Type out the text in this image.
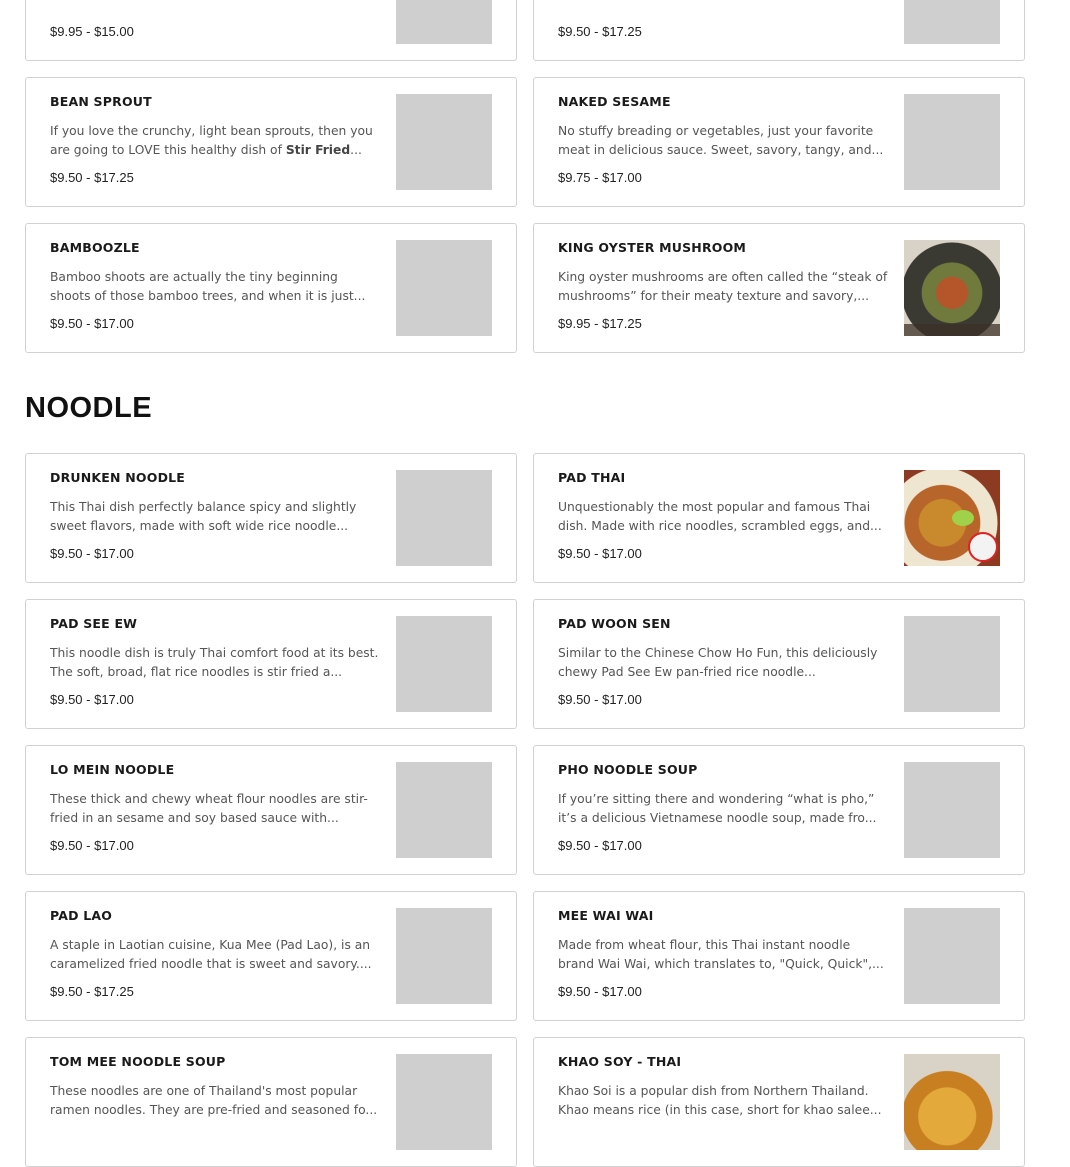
$9.95 - $15.00	$9.50 - $17.25
BEAN SPROUT
If you love the crunchy, light bean sprouts, then you are going to LOVE this healthy dish of Stir Fried...
$9.50 - $17.25
NAKED SESAME
No stuffy breading or vegetables, just your favorite meat in delicious sauce. Sweet, savory, tangy, and...
$9.75 - $17.00
BAMBOOZLE
Bamboo shoots are actually the tiny beginning shoots of those bamboo trees, and when it is just...
$9.50 - $17.00
KING OYSTER MUSHROOM
King oyster mushrooms are often called the “steak of mushrooms” for their meaty texture and savory,...
$9.95 - $17.25
NOODLE
DRUNKEN NOODLE
This Thai dish perfectly balance spicy and slightly sweet flavors, made with soft wide rice noodle...
$9.50 - $17.00
PAD THAI
Unquestionably the most popular and famous Thai dish. Made with rice noodles, scrambled eggs, and...
$9.50 - $17.00
PAD SEE EW
This noodle dish is truly Thai comfort food at its best. The soft, broad, flat rice noodles is stir fried a...
$9.50 - $17.00
PAD WOON SEN
Similar to the Chinese Chow Ho Fun, this deliciously chewy Pad See Ew pan-fried rice noodle...
$9.50 - $17.00
LO MEIN NOODLE
These thick and chewy wheat flour noodles are stir-fried in an sesame and soy based sauce with...
$9.50 - $17.00
PHO NOODLE SOUP
If you’re sitting there and wondering “what is pho,” it’s a delicious Vietnamese noodle soup, made fro...
$9.50 - $17.00
PAD LAO
A staple in Laotian cuisine, Kua Mee (Pad Lao), is an caramelized fried noodle that is sweet and savory....
$9.50 - $17.25
MEE WAI WAI
Made from wheat flour, this Thai instant noodle brand Wai Wai, which translates to, "Quick, Quick",...
$9.50 - $17.00
TOM MEE NOODLE SOUP
These noodles are one of Thailand's most popular ramen noodles. They are pre-fried and seasoned fo...
KHAO SOY - THAI
Khao Soi is a popular dish from Northern Thailand. Khao means rice (in this case, short for khao salee...
